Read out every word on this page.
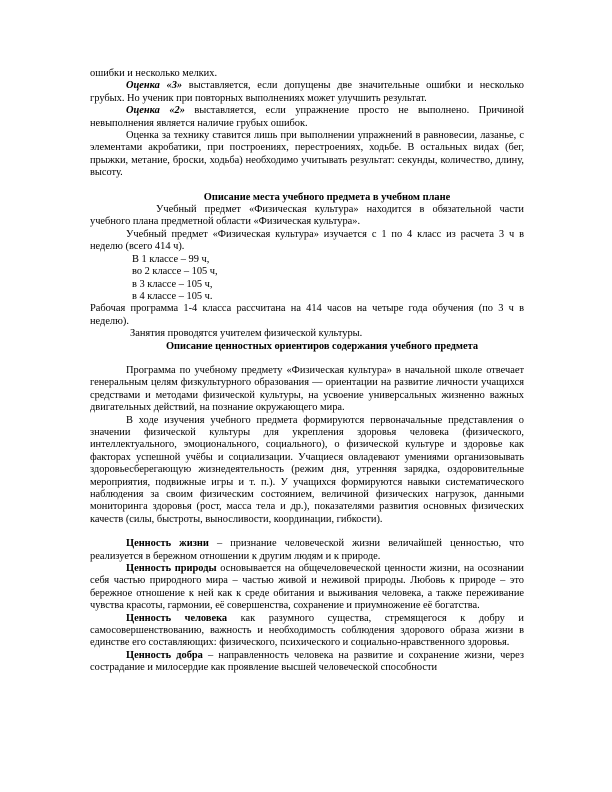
ошибки и несколько мелких.

Оценка «3» выставляется, если допущены две значительные ошибки и несколько грубых. Но ученик при повторных выполнениях может улучшить результат.

Оценка «2» выставляется, если упражнение просто не выполнено. Причиной невыполнения является наличие грубых ошибок.

Оценка за технику ставится лишь при выполнении упражнений в равновесии, лазанье, с элементами акробатики, при построениях, перестроениях, ходьбе. В остальных видах (бег, прыжки, метание, броски, ходьба) необходимо учитывать результат: секунды, количество, длину, высоту.

Описание места учебного предмета в учебном плане

Учебный предмет «Физическая культура» находится в обязательной части учебного плана предметной области «Физическая культура».

Учебный предмет «Физическая культура» изучается с 1 по 4 класс из расчета 3 ч в неделю (всего 414 ч).

В 1 классе – 99 ч,

во 2 классе – 105 ч,

в 3 классе – 105 ч,

в 4 классе – 105 ч.

Рабочая программа 1-4 класса рассчитана на 414 часов на четыре года обучения (по 3 ч в неделю).

Занятия проводятся учителем физической культуры.

Описание ценностных ориентиров содержания учебного предмета

Программа по учебному предмету «Физическая культура» в начальной школе отвечает генеральным целям физкультурного образования — ориентации на развитие личности учащихся средствами и методами физической культуры, на усвоение универсальных жизненно важных двигательных действий, на познание окружающего мира.

В ходе изучения учебного предмета формируются первоначальные представления о значении физической культуры для укрепления здоровья человека (физического, интеллектуального, эмоционального, социального), о физической культуре и здоровье как факторах успешной учёбы и социализации. Учащиеся овладевают умениями организовывать здоровьесберегающую жизнедеятельность (режим дня, утренняя зарядка, оздоровительные мероприятия, подвижные игры и т. п.). У учащихся формируются навыки систематического наблюдения за своим физическим состоянием, величиной физических нагрузок, данными мониторинга здоровья (рост, масса тела и др.), показателями развития основных физических качеств (силы, быстроты, выносливости, координации, гибкости).

Ценность жизни – признание человеческой жизни величайшей ценностью, что реализуется в бережном отношении к другим людям и к природе.

Ценность природы основывается на общечеловеческой ценности жизни, на осознании себя частью природного мира – частью живой и неживой природы. Любовь к природе – это бережное отношение к ней как к среде обитания и выживания человека, а также переживание чувства красоты, гармонии, её совершенства, сохранение и приумножение её богатства.

Ценность человека как разумного существа, стремящегося к добру и самосовершенствованию, важность и необходимость соблюдения здорового образа жизни в единстве его составляющих: физического, психического и социально-нравственного здоровья.

Ценность добра – направленность человека на развитие и сохранение жизни, через сострадание и милосердие как проявление высшей человеческой способности
